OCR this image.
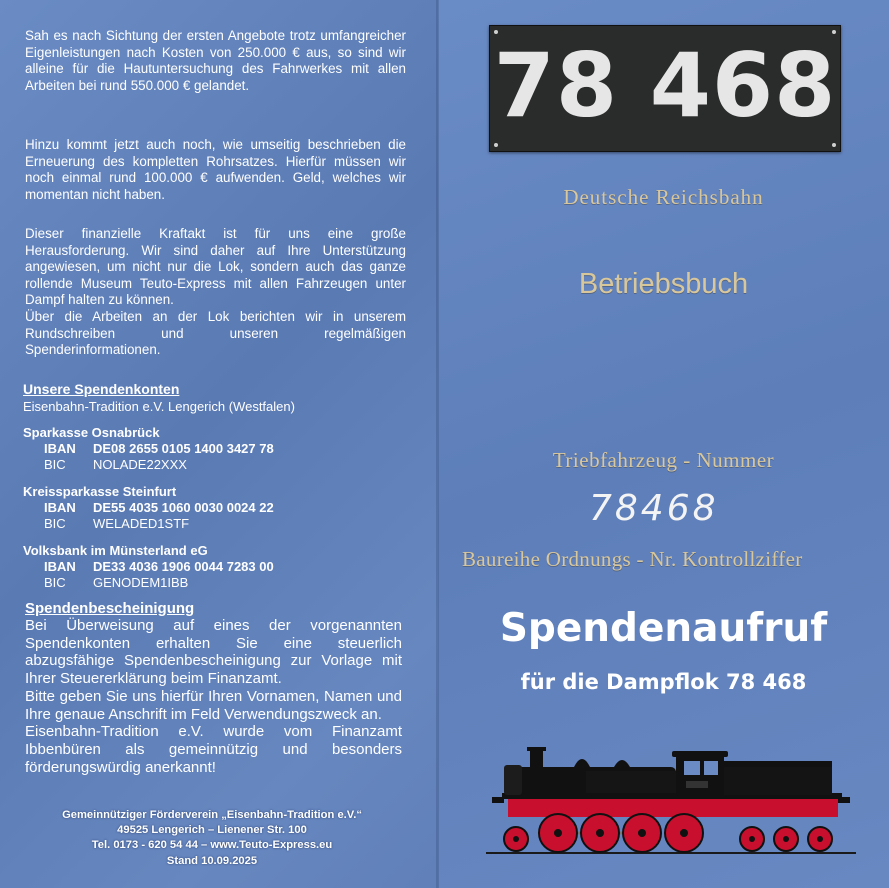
Sah es nach Sichtung der ersten Angebote trotz umfangreicher Eigenleistungen nach Kosten von 250.000 € aus, so sind wir alleine für die Hautuntersuchung des Fahrwerkes mit allen Arbeiten bei rund 550.000 € gelandet.

Hinzu kommt jetzt auch noch, wie umseitig beschrieben die Erneuerung des kompletten Rohrsatzes. Hierfür müssen wir noch einmal rund 100.000 € aufwenden. Geld, welches wir momentan nicht haben.

Dieser finanzielle Kraftakt ist für uns eine große Herausforderung. Wir sind daher auf Ihre Unterstützung angewiesen, um nicht nur die Lok, sondern auch das ganze rollende Museum Teuto-Express mit allen Fahrzeugen unter Dampf halten zu können.
Über die Arbeiten an der Lok berichten wir in unserem Rundschreiben und unseren regelmäßigen Spenderinformationen.

Unsere Spendenkonten

Eisenbahn-Tradition e.V. Lengerich (Westfalen)

Sparkasse Osnabrück
IBAN	DE08 2655 0105 1400 3427 78
BIC	NOLADE22XXX
Kreissparkasse Steinfurt
IBAN	DE55 4035 1060 0030 0024 22
BIC	WELADED1STF
Volksbank im Münsterland eG
IBAN	DE33 4036 1906 0044 7283 00
BIC	GENODEM1IBB

Spendenbescheinigung

Bei Überweisung auf eines der vorgenannten Spendenkonten erhalten Sie eine steuerlich abzugsfähige Spendenbescheinigung zur Vorlage mit Ihrer Steuererklärung beim Finanzamt.
Bitte geben Sie uns hierfür Ihren Vornamen, Namen und Ihre genaue Anschrift im Feld Verwendungszweck an.
Eisenbahn-Tradition e.V. wurde vom Finanzamt Ibbenbüren als gemeinnützig und besonders förderungswürdig anerkannt!
Gemeinnütziger Förderverein „Eisenbahn-Tradition e.V.“
49525 Lengerich – Lienener Str. 100
Tel. 0173 - 620 54 44 – www.Teuto-Express.eu
Stand 10.09.2025
78 468
Deutsche Reichsbahn
Betriebsbuch
Triebfahrzeug - Nummer
78468
Baureihe Ordnungs - Nr. Kontrollziffer
Spendenaufruf
für die Dampflok 78 468
